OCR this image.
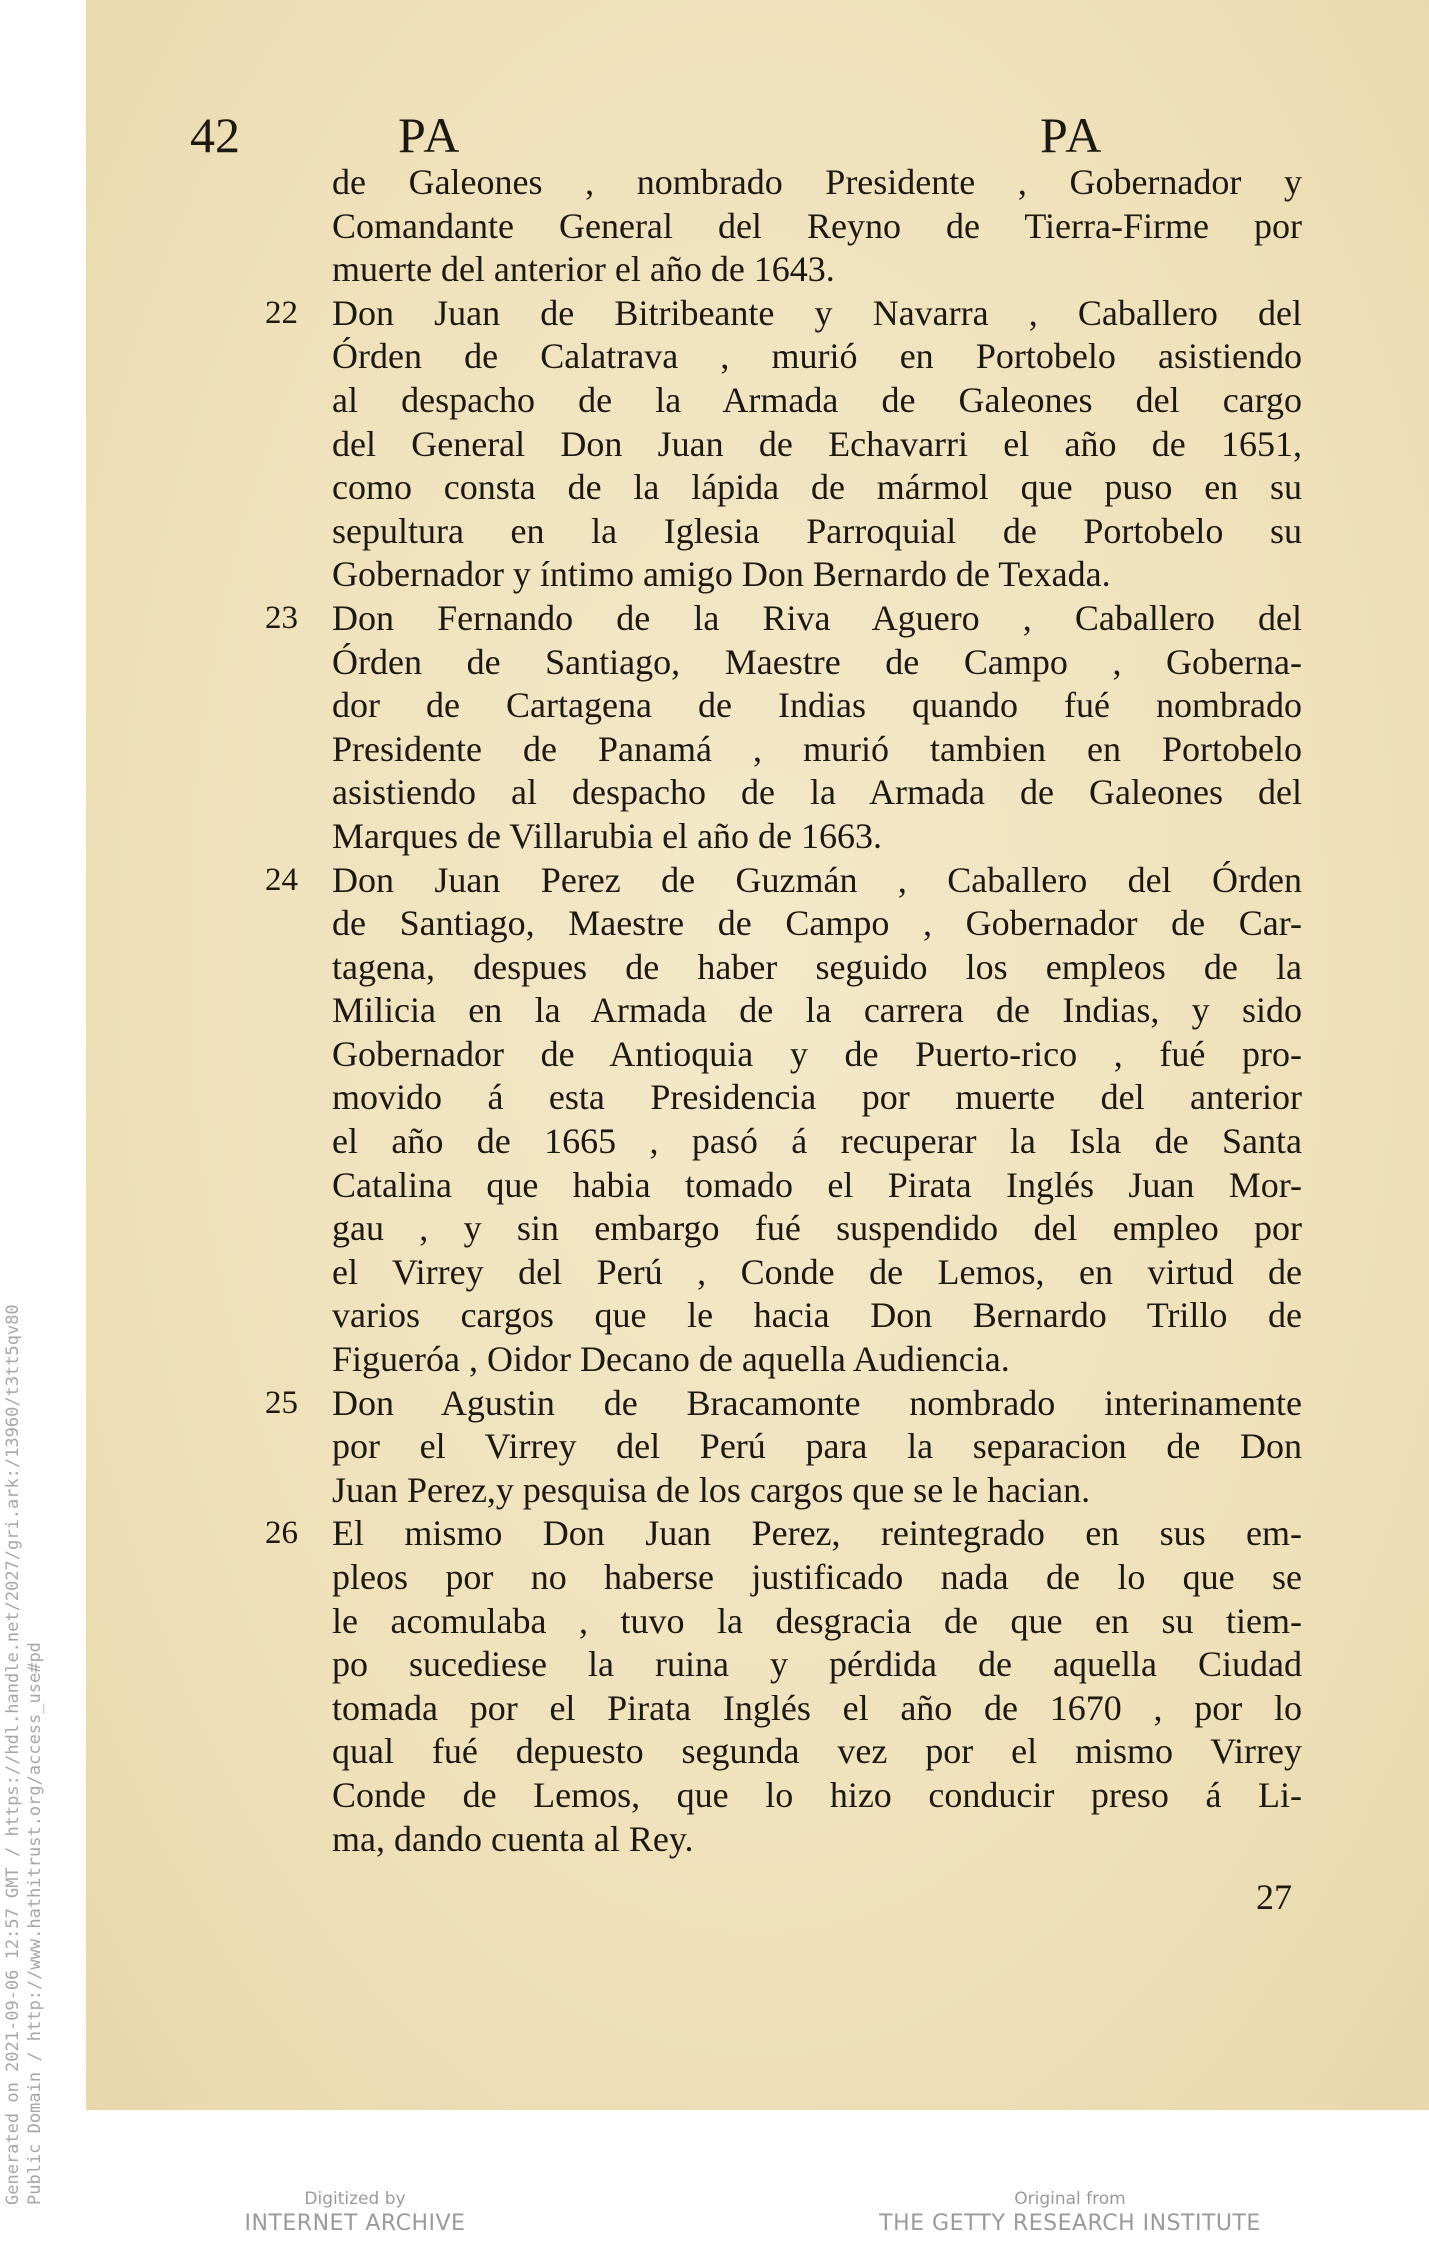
42	PA	PA
de Galeones , nombrado Presidente , Gobernador y
Comandante General del Reyno de Tierra-Firme por
muerte del anterior el año de 1643.
22 Don Juan de Bitribeante y Navarra , Caballero del
Órden de Calatrava , murió en Portobelo asistiendo
al despacho de la Armada de Galeones del cargo
del General Don Juan de Echavarri el año de 1651,
como consta de la lápida de mármol que puso en su
sepultura en la Iglesia Parroquial de Portobelo su
Gobernador y íntimo amigo Don Bernardo de Texada.
23 Don Fernando de la Riva Aguero , Caballero del
Órden de Santiago, Maestre de Campo , Goberna-
dor de Cartagena de Indias quando fué nombrado
Presidente de Panamá , murió tambien en Portobelo
asistiendo al despacho de la Armada de Galeones del
Marques de Villarubia el año de 1663.
24 Don Juan Perez de Guzmán , Caballero del Órden
de Santiago, Maestre de Campo , Gobernador de Car-
tagena, despues de haber seguido los empleos de la
Milicia en la Armada de la carrera de Indias, y sido
Gobernador de Antioquia y de Puerto-rico , fué pro-
movido á esta Presidencia por muerte del anterior
el año de 1665 , pasó á recuperar la Isla de Santa
Catalina que habia tomado el Pirata Inglés Juan Mor-
gau , y sin embargo fué suspendido del empleo por
el Virrey del Perú , Conde de Lemos, en virtud de
varios cargos que le hacia Don Bernardo Trillo de
Figueróa , Oidor Decano de aquella Audiencia.
25 Don Agustin de Bracamonte nombrado interinamente
por el Virrey del Perú para la separacion de Don
Juan Perez,y pesquisa de los cargos que se le hacian.
26 El mismo Don Juan Perez, reintegrado en sus em-
pleos por no haberse justificado nada de lo que se
le acomulaba , tuvo la desgracia de que en su tiem-
po sucediese la ruina y pérdida de aquella Ciudad
tomada por el Pirata Inglés el año de 1670 , por lo
qual fué depuesto segunda vez por el mismo Virrey
Conde de Lemos, que lo hizo conducir preso á Li-
ma, dando cuenta al Rey.
27
Generated on 2021-09-06 12:57 GMT / https://hdl.handle.net/2027/gri.ark:/13960/t3tt5qv80 Public Domain / http://www.hathitrust.org/access_use#pd	Digitized by
INTERNET ARCHIVE
Original from
THE GETTY RESEARCH INSTITUTE
